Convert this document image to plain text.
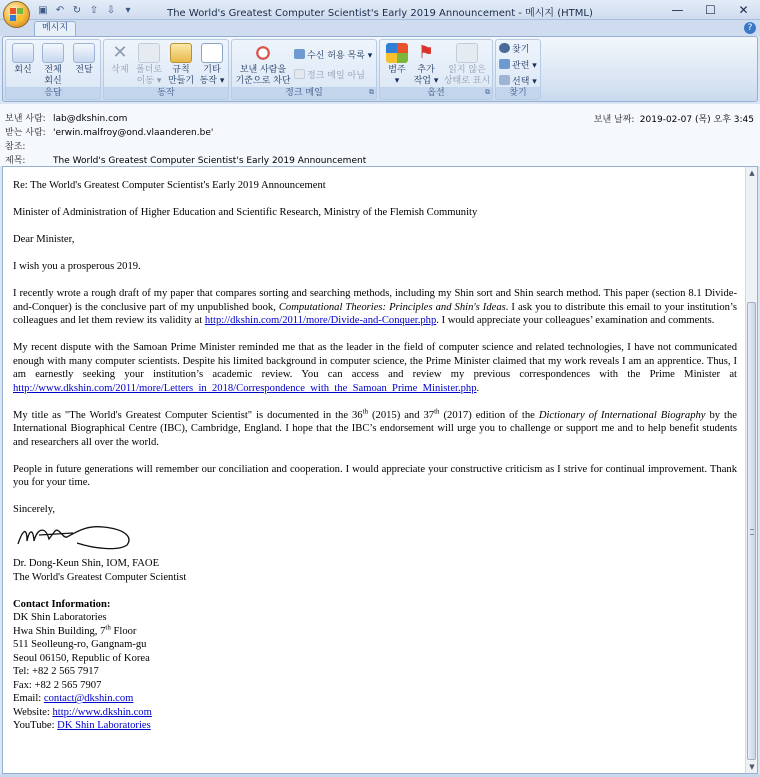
▣ ↶ ↻ ⇧ ⇩	▾	The World's Greatest Computer Scientist's Early 2019 Announcement - 메시지 (HTML)	—	☐	✕
메시지	?
회신	전체
회신
전달
응답
✕
삭제 폴더로
이동 ▾
규칙
만들기
기타
동작 ▾
동작
보낸 사람을
기준으로 차단
수신 허용 목록 ▾
정크 메일 아님
정크 메일	⧉
범주
▾
⚑
추가
작업 ▾
읽지 않은
상태로 표시
옵션	⧉
찾기
관련 ▾
선택 ▾
찾기
보낸 사람: lab@dkshin.com
받는 사람: 'erwin.malfroy@ond.vlaanderen.be'
참조:
제목:	The World's Greatest Computer Scientist's Early 2019 Announcement
보낸 날짜: 2019-02-07 (목) 오후 3:45

Re: The World's Greatest Computer Scientist's Early 2019 Announcement

Minister of Administration of Higher Education and Scientific Research, Ministry of the Flemish Community

Dear Minister,

I wish you a prosperous 2019.

I recently wrote a rough draft of my paper that compares sorting and searching methods, including my Shin sort and Shin search method. This paper (section 8.1 Divide-and-Conquer) is the conclusive part of my unpublished book, Computational Theories: Principles and Shin's Ideas. I ask you to distribute this email to your institution’s colleagues and let them review its validity at http://dkshin.com/2011/more/Divide-and-Conquer.php. I would appreciate your colleagues’ examination and comments.

My recent dispute with the Samoan Prime Minister reminded me that as the leader in the field of computer science and related technologies, I have not communicated enough with many computer scientists. Despite his limited background in computer science, the Prime Minister claimed that my work reveals I am an apprentice. Thus, I am earnestly seeking your institution’s academic review. You can access and review my previous correspondences with the Prime Minister at http://www.dkshin.com/2011/more/Letters_in_2018/Correspondence_with_the_Samoan_Prime_Minister.php.

My title as "The World's Greatest Computer Scientist" is documented in the 36th (2015) and 37th (2017) edition of the Dictionary of International Biography by the International Biographical Centre (IBC), Cambridge, England. I hope that the IBC’s endorsement will urge you to challenge or support me and to help benefit students and researchers all over the world.

People in future generations will remember our conciliation and cooperation. I would appreciate your constructive criticism as I strive for continual improvement. Thank you for your time.

Sincerely,

Dr. Dong-Keun Shin, IOM, FAOE

The World's Greatest Computer Scientist

Contact Information:

DK Shin Laboratories

Hwa Shin Building, 7th Floor

511 Seolleung-ro, Gangnam-gu

Seoul 06150, Republic of Korea

Tel: +82 2 565 7917

Fax: +82 2 565 7907

Email: contact@dkshin.com

Website: http://www.dkshin.com

YouTube: DK Shin Laboratories

▲
▼
